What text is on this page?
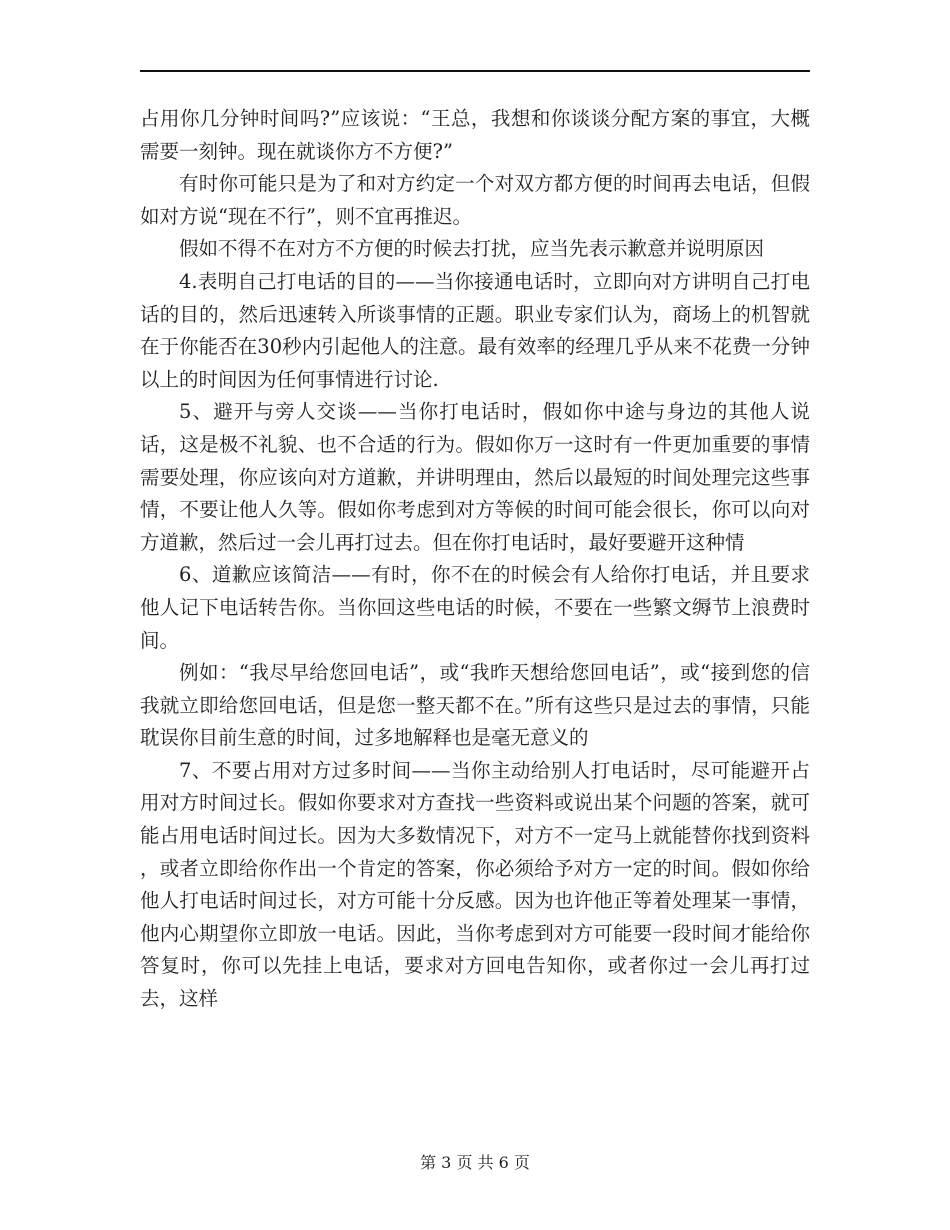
占用你几分钟时间吗?”应该说：“王总，我想和你谈谈分配方案的事宜，大概需要一刻钟。现在就谈你方不方便?”

有时你可能只是为了和对方约定一个对双方都方便的时间再去电话，但假如对方说“现在不行”，则不宜再推迟。

假如不得不在对方不方便的时候去打扰，应当先表示歉意并说明原因

4.表明自己打电话的目的——当你接通电话时，立即向对方讲明自己打电话的目的，然后迅速转入所谈事情的正题。职业专家们认为，商场上的机智就在于你能否在30秒内引起他人的注意。最有效率的经理几乎从来不花费一分钟以上的时间因为任何事情进行讨论.

5、避开与旁人交谈——当你打电话时，假如你中途与身边的其他人说话，这是极不礼貌、也不合适的行为。假如你万一这时有一件更加重要的事情需要处理，你应该向对方道歉，并讲明理由，然后以最短的时间处理完这些事情，不要让他人久等。假如你考虑到对方等候的时间可能会很长，你可以向对方道歉，然后过一会儿再打过去。但在你打电话时，最好要避开这种情

6、道歉应该简洁——有时，你不在的时候会有人给你打电话，并且要求他人记下电话转告你。当你回这些电话的时候，不要在一些繁文缛节上浪费时间。

例如：“我尽早给您回电话”，或“我昨天想给您回电话”，或“接到您的信我就立即给您回电话，但是您一整天都不在。”所有这些只是过去的事情，只能耽误你目前生意的时间，过多地解释也是毫无意义的

7、不要占用对方过多时间——当你主动给别人打电话时，尽可能避开占用对方时间过长。假如你要求对方查找一些资料或说出某个问题的答案，就可能占用电话时间过长。因为大多数情况下，对方不一定马上就能替你找到资料 ，或者立即给你作出一个肯定的答案，你必须给予对方一定的时间。假如你给他人打电话时间过长，对方可能十分反感。因为也许他正等着处理某一事情，他内心期望你立即放一电话。因此，当你考虑到对方可能要一段时间才能给你答复时，你可以先挂上电话，要求对方回电告知你，或者你过一会儿再打过去，这样

第 3 页 共 6 页
